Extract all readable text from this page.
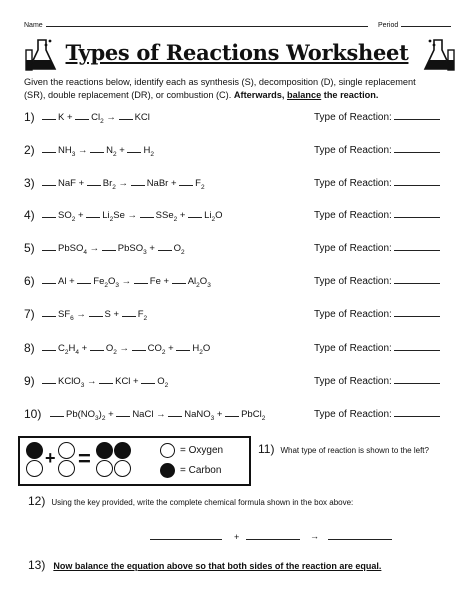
Name	Period
Types of Reactions Worksheet
Given the reactions below, identify each as synthesis (S), decomposition (D), single replacement
(SR), double replacement (DR), or combustion (C). Afterwards, balance the reaction.
1)	$K + Cl_2$ → KCl	Type of Reaction:
2)	$NH_3 \to N_2 + H_2$	Type of Reaction:
3)	NaF + $Br_2$ → NaBr + $F_2$	Type of Reaction:
4)	$SO_2 + Li_2Se \to SSe_2 + Li_2O$	Type of Reaction:
5)	PbSO$_4$ → PbSO$_3$ + $O_2$	Type of Reaction:
6)	$Al + Fe_2O_3 \to Fe + Al_2O_3$	Type of Reaction:
7)	$SF_6 \to S + F_2$	Type of Reaction:
8)	$C_2H_4 + O_2 \to CO_2 + H_2O$	Type of Reaction:
9)	KClO$_3$ → KCl + $O_2$	Type of Reaction:
10)	$Pb(NO_3)_2$ + NaCl → NaNO$_3$ + PbCl$_2$	Type of Reaction:
+ =	= Oxygen
= Carbon
11) What type of reaction is shown to the left?
12) Using the key provided, write the complete chemical formula shown in the box above:
+	→
13) Now balance the equation above so that both sides of the reaction are equal.
